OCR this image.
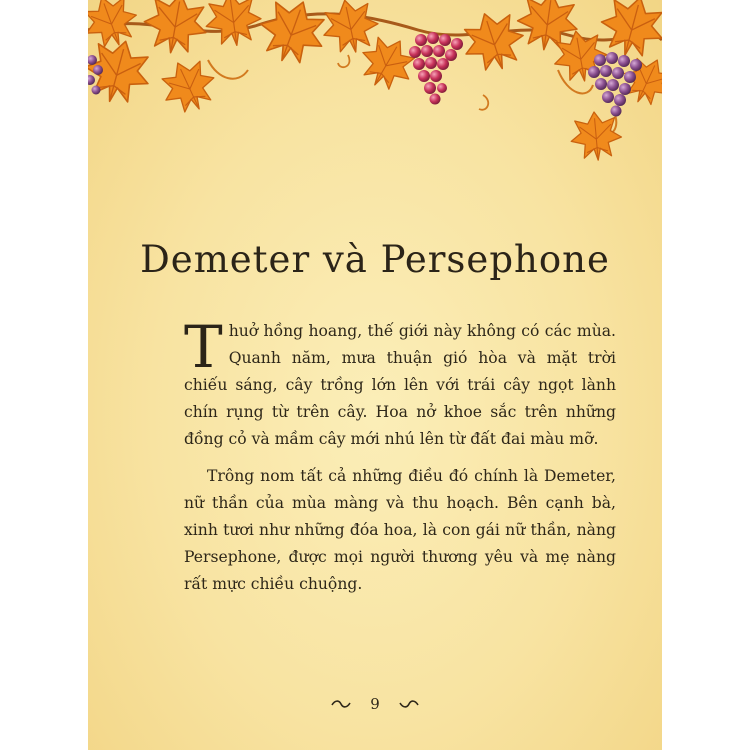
Demeter và Persephone

Thuở hồng hoang, thế giới này không có các mùa. Quanh năm, mưa thuận gió hòa và mặt trời chiếu sáng, cây trồng lớn lên với trái cây ngọt lành chín rụng từ trên cây. Hoa nở khoe sắc trên những đồng cỏ và mầm cây mới nhú lên từ đất đai màu mỡ.

Trông nom tất cả những điều đó chính là Demeter, nữ thần của mùa màng và thu hoạch. Bên cạnh bà, xinh tươi như những đóa hoa, là con gái nữ thần, nàng Persephone, được mọi người thương yêu và mẹ nàng rất mực chiều chuộng.

9
